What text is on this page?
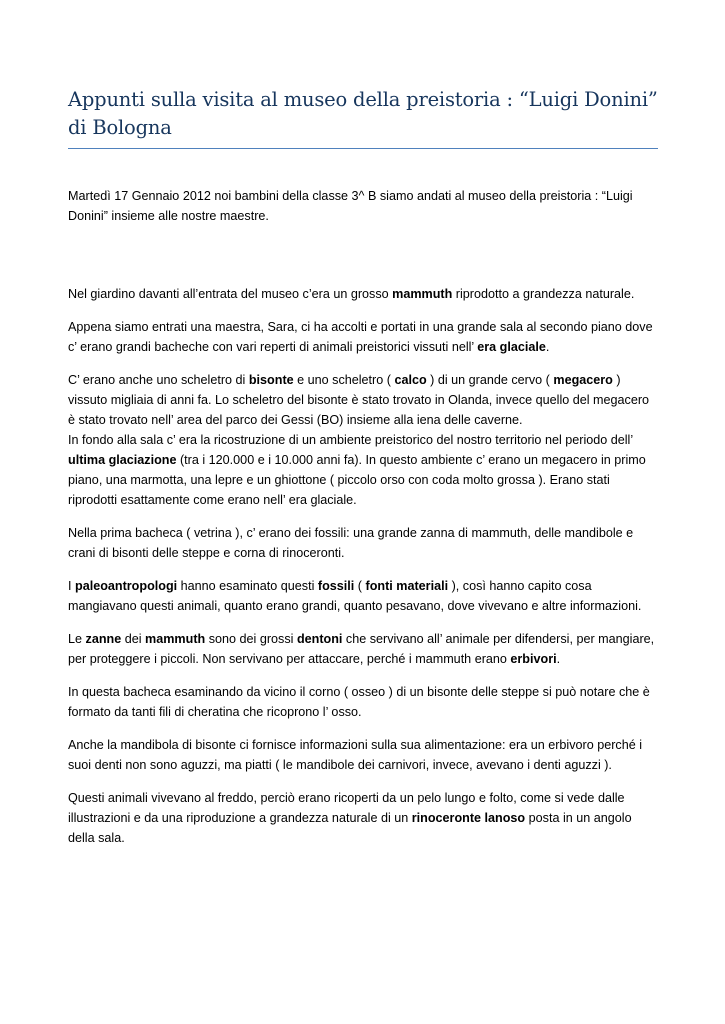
Appunti sulla visita al museo della preistoria : “Luigi Donini” di Bologna

Martedì 17 Gennaio 2012 noi bambini della classe 3^ B siamo andati al museo della preistoria : “Luigi Donini” insieme alle nostre maestre.

Nel giardino davanti all’entrata del museo c’era un grosso mammuth riprodotto a grandezza naturale.

Appena siamo entrati una maestra, Sara, ci ha accolti e portati in una grande sala al secondo piano dove c’ erano grandi bacheche con vari reperti di animali preistorici vissuti nell’ era glaciale.

C’ erano anche uno scheletro di bisonte e uno scheletro ( calco ) di un grande cervo ( megacero ) vissuto migliaia di anni fa. Lo scheletro del bisonte è stato trovato in Olanda, invece quello del megacero è stato trovato nell’ area del parco dei Gessi (BO) insieme alla iena delle caverne.

In fondo alla sala c’ era la ricostruzione di un ambiente preistorico del nostro territorio nel periodo dell’ ultima glaciazione (tra i 120.000 e i 10.000 anni fa). In questo ambiente c’ erano un megacero in primo piano, una marmotta, una lepre e un ghiottone ( piccolo orso con coda molto grossa ). Erano stati riprodotti esattamente come erano nell’ era glaciale.

Nella prima bacheca ( vetrina ), c’ erano dei fossili: una grande zanna di mammuth, delle mandibole e crani di bisonti delle steppe e corna di rinoceronti.

I paleoantropologi hanno esaminato questi fossili ( fonti materiali ), così hanno capito cosa mangiavano questi animali, quanto erano grandi, quanto pesavano, dove vivevano e altre informazioni.

Le zanne dei mammuth sono dei grossi dentoni che servivano all’ animale per difendersi, per mangiare, per proteggere i piccoli. Non servivano per attaccare, perché i mammuth erano erbivori.

In questa bacheca esaminando da vicino il corno ( osseo ) di un bisonte delle steppe si può notare che è formato da tanti fili di cheratina che ricoprono l’ osso.

Anche la mandibola di bisonte ci fornisce informazioni sulla sua alimentazione: era un erbivoro perché i suoi denti non sono aguzzi, ma piatti ( le mandibole dei carnivori, invece, avevano i denti aguzzi ).

Questi animali vivevano al freddo, perciò erano ricoperti da un pelo lungo e folto, come si vede dalle illustrazioni e da una riproduzione a grandezza naturale di un rinoceronte lanoso posta in un angolo della sala.
